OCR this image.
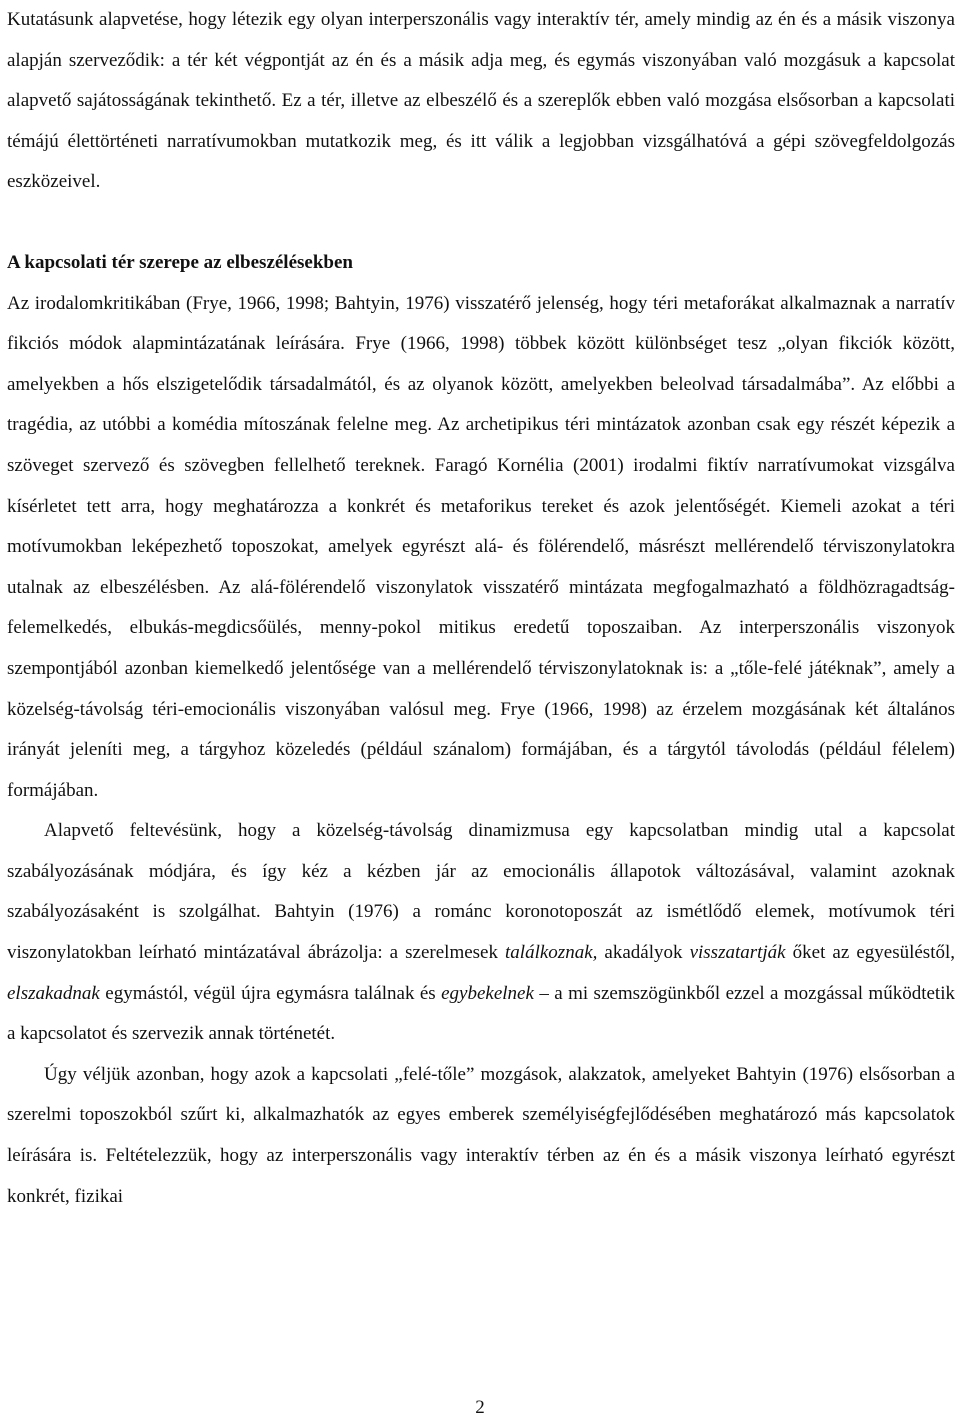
Kutatásunk alapvetése, hogy létezik egy olyan interperszonális vagy interaktív tér, amely mindig az én és a másik viszonya alapján szerveződik: a tér két végpontját az én és a másik adja meg, és egymás viszonyában való mozgásuk a kapcsolat alapvető sajátosságának tekinthető. Ez a tér, illetve az elbeszélő és a szereplők ebben való mozgása elsősorban a kapcsolati témájú élettörténeti narratívumokban mutatkozik meg, és itt válik a legjobban vizsgálhatóvá a gépi szövegfeldolgozás eszközeivel.

A kapcsolati tér szerepe az elbeszélésekben

Az irodalomkritikában (Frye, 1966, 1998; Bahtyin, 1976) visszatérő jelenség, hogy téri metaforákat alkalmaznak a narratív fikciós módok alapmintázatának leírására. Frye (1966, 1998) többek között különbséget tesz „olyan fikciók között, amelyekben a hős elszigetelődik társadalmától, és az olyanok között, amelyekben beleolvad társadalmába”. Az előbbi a tragédia, az utóbbi a komédia mítoszának felelne meg. Az archetipikus téri mintázatok azonban csak egy részét képezik a szöveget szervező és szövegben fellelhető tereknek. Faragó Kornélia (2001) irodalmi fiktív narratívumokat vizsgálva kísérletet tett arra, hogy meghatározza a konkrét és metaforikus tereket és azok jelentőségét. Kiemeli azokat a téri motívumokban leképezhető toposzokat, amelyek egyrészt alá- és fölérendelő, másrészt mellérendelő térviszonylatokra utalnak az elbeszélésben. Az alá-fölérendelő viszonylatok visszatérő mintázata megfogalmazható a földhözragadtság-felemelkedés, elbukás-megdicsőülés, menny-pokol mitikus eredetű toposzaiban. Az interperszonális viszonyok szempontjából azonban kiemelkedő jelentősége van a mellérendelő térviszonylatoknak is: a „tőle-felé játéknak”, amely a közelség-távolság téri-emocionális viszonyában valósul meg. Frye (1966, 1998) az érzelem mozgásának két általános irányát jeleníti meg, a tárgyhoz közeledés (például szánalom) formájában, és a tárgytól távolodás (például félelem) formájában.

Alapvető feltevésünk, hogy a közelség-távolság dinamizmusa egy kapcsolatban mindig utal a kapcsolat szabályozásának módjára, és így kéz a kézben jár az emocionális állapotok változásával, valamint azoknak szabályozásaként is szolgálhat. Bahtyin (1976) a románc koronotoposzát az ismétlődő elemek, motívumok téri viszonylatokban leírható mintázatával ábrázolja: a szerelmesek találkoznak, akadályok visszatartják őket az egyesüléstől, elszakadnak egymástól, végül újra egymásra találnak és egybekelnek – a mi szemszögünkből ezzel a mozgással működtetik a kapcsolatot és szervezik annak történetét.

Úgy véljük azonban, hogy azok a kapcsolati „felé-tőle” mozgások, alakzatok, amelyeket Bahtyin (1976) elsősorban a szerelmi toposzokból szűrt ki, alkalmazhatók az egyes emberek személyiségfejlődésében meghatározó más kapcsolatok leírására is. Feltételezzük, hogy az interperszonális vagy interaktív térben az én és a másik viszonya leírható egyrészt konkrét, fizikai

2
